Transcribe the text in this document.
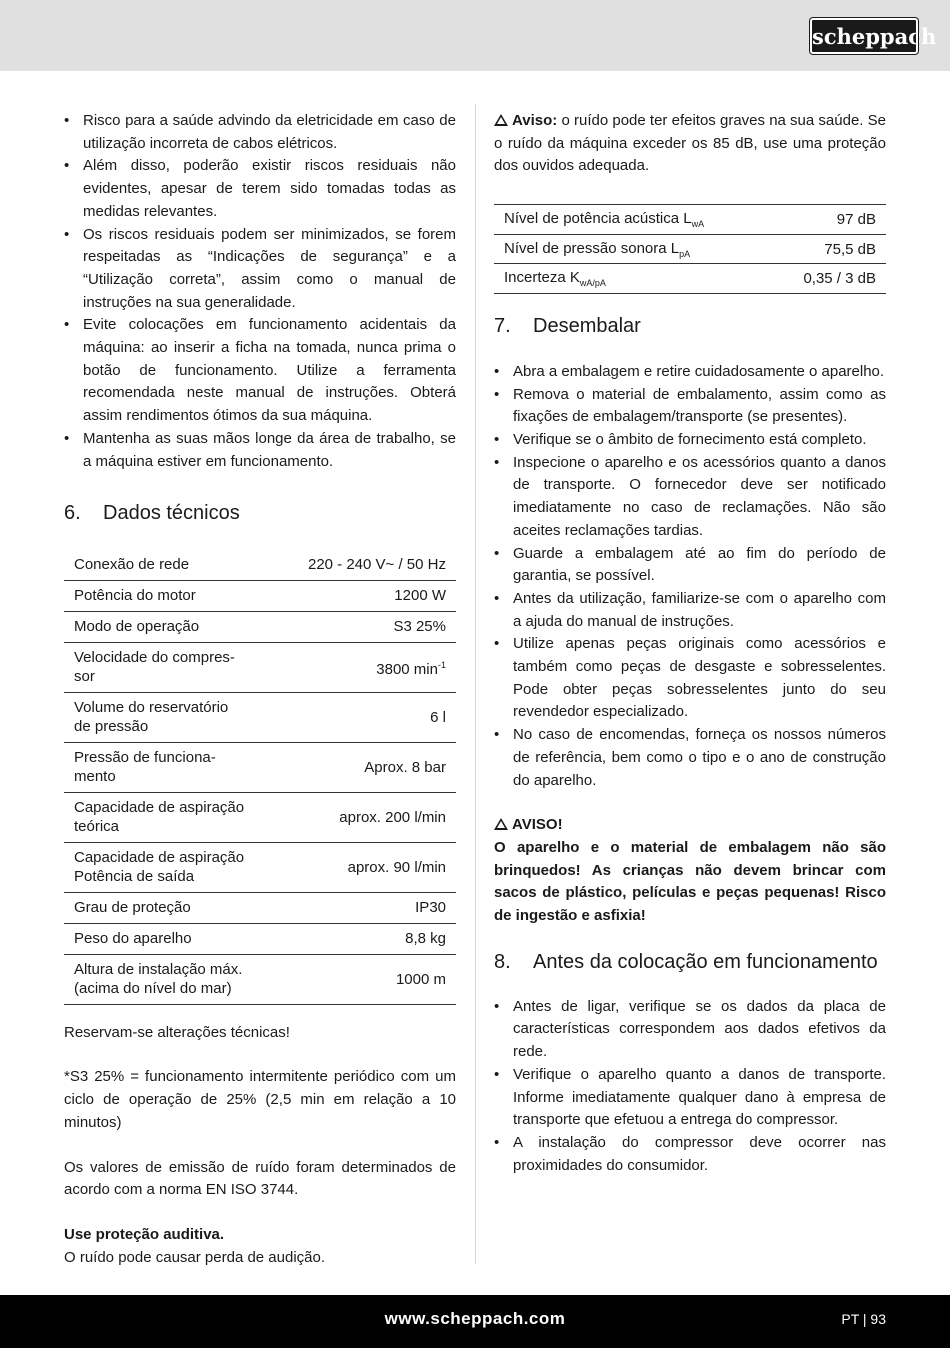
scheppach
• Risco para a saúde advindo da eletricidade em caso de utilização incorreta de cabos elétricos.
• Além disso, poderão existir riscos residuais não evidentes, apesar de terem sido tomadas todas as medidas relevantes.
• Os riscos residuais podem ser minimizados, se forem respeitadas as “Indicações de segurança” e a “Utilização correta”, assim como o manual de instruções na sua generalidade.
• Evite colocações em funcionamento acidentais da máquina: ao inserir a ficha na tomada, nunca prima o botão de funcionamento. Utilize a ferramenta recomendada neste manual de instruções. Obterá assim rendimentos ótimos da sua máquina.
• Mantenha as suas mãos longe da área de trabalho, se a máquina estiver em funcionamento.
6.	Dados técnicos
Conexão de rede	220 - 240 V~ / 50 Hz
Potência do motor	1200 W
Modo de operação	S3 25%
Velocidade do compres-
sor	3800 $\min^{-1}$
Volume do reservatório
de pressão	6 l
Pressão de funciona-
mento	Aprox. 8 bar
Capacidade de aspiração
teórica	aprox. 200 l/min
Capacidade de aspiração
Potência de saída	aprox. 90 l/min
Grau de proteção	IP30
Peso do aparelho	8,8 kg
Altura de instalação máx.
(acima do nível do mar)	1000 m

Reservam-se alterações técnicas!

*S3 25% = funcionamento intermitente periódico com um ciclo de operação de 25% (2,5 min em relação a 10 minutos)

Os valores de emissão de ruído foram determinados de acordo com a norma EN ISO 3744.

Use proteção auditiva.

O ruído pode causar perda de audição.

Aviso: o ruído pode ter efeitos graves na sua saúde. Se o ruído da máquina exceder os 85 dB, use uma proteção dos ouvidos adequada.

Nível de potência acústica $L_{wA}$	97 dB
Nível de pressão sonora $L_{pA}$	75,5 dB
Incerteza $K_{wA/pA}$	0,35 / 3 dB
7.	Desembalar
• Abra a embalagem e retire cuidadosamente o aparelho.
• Remova o material de embalamento, assim como as fixações de embalagem/transporte (se presentes).
• Verifique se o âmbito de fornecimento está completo.
• Inspecione o aparelho e os acessórios quanto a danos de transporte. O fornecedor deve ser notificado imediatamente no caso de reclamações. Não são aceites reclamações tardias.
• Guarde a embalagem até ao fim do período de garantia, se possível.
• Antes da utilização, familiarize-se com o aparelho com a ajuda do manual de instruções.
• Utilize apenas peças originais como acessórios e também como peças de desgaste e sobresselentes. Pode obter peças sobresselentes junto do seu revendedor especializado.
• No caso de encomendas, forneça os nossos números de referência, bem como o tipo e o ano de construção do aparelho.

AVISO!

O aparelho e o material de embalagem não são brinquedos! As crianças não devem brincar com sacos de plástico, películas e peças pequenas! Risco de ingestão e asfixia!

8.	Antes da colocação em funcionamento
• Antes de ligar, verifique se os dados da placa de características correspondem aos dados efetivos da rede.
• Verifique o aparelho quanto a danos de transporte. Informe imediatamente qualquer dano à empresa de transporte que efetuou a entrega do compressor.
• A instalação do compressor deve ocorrer nas proximidades do consumidor.
www.scheppach.com	PT | 93
